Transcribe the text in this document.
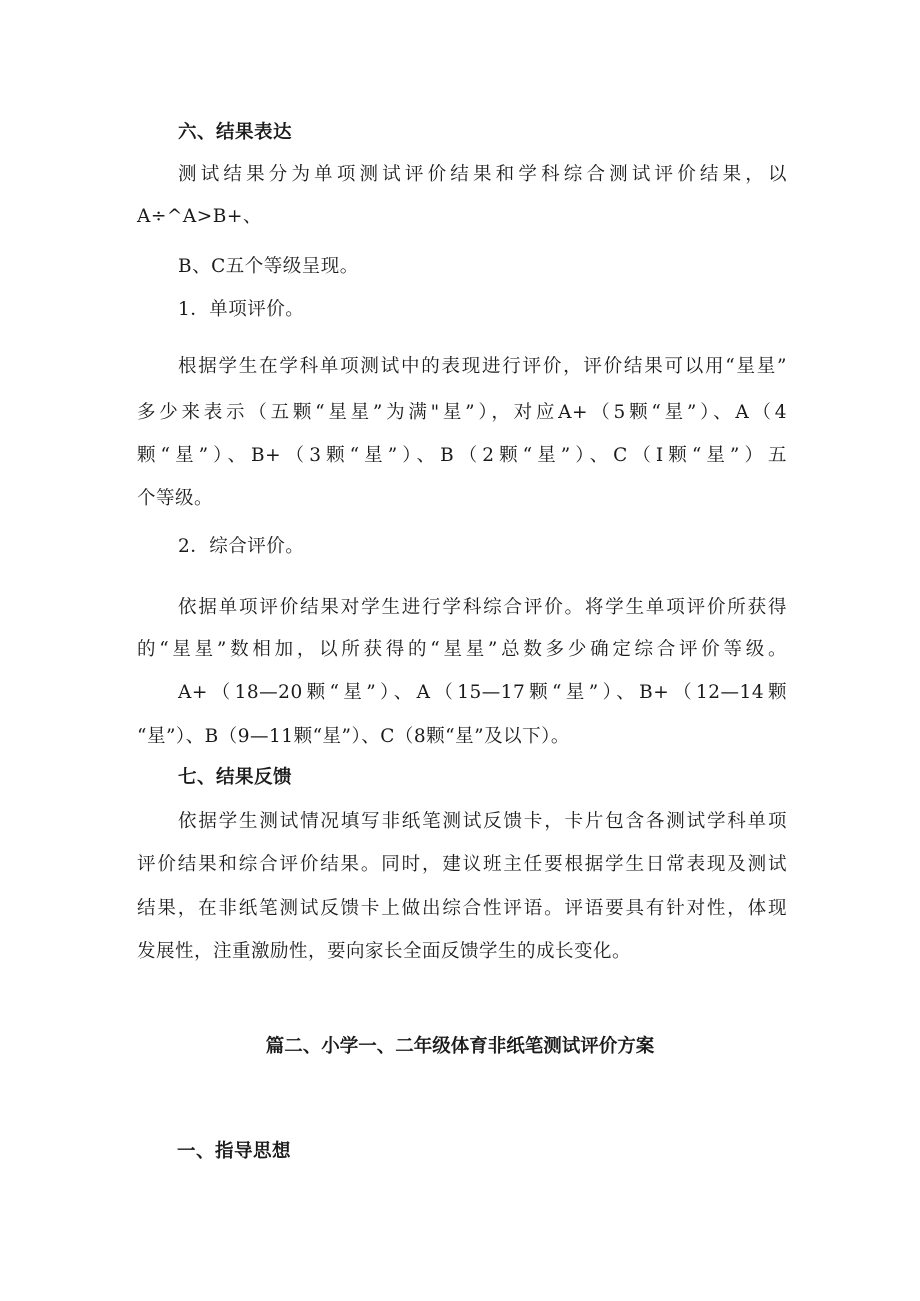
六、结果表达
测试结果分为单项测试评价结果和学科综合测试评价结果，以
A÷^A>B+、
B、C五个等级呈现。
1．单项评价。
根据学生在学科单项测试中的表现进行评价，评价结果可以用“星星”
多少来表示（五颗“星星”为满"星”），对应A+（5颗“星”）、A（4
颗“星”）、B+（3颗“星”）、B（2颗“星”）、C（I颗“星”）五
个等级。
2．综合评价。
依据单项评价结果对学生进行学科综合评价。将学生单项评价所获得
的“星星”数相加，以所获得的“星星”总数多少确定综合评价等级。
A+（18—20颗“星”）、A（15—17颗“星”）、B+（12—14颗
“星”）、B（9—11颗“星”）、C（8颗“星”及以下）。
七、结果反馈
依据学生测试情况填写非纸笔测试反馈卡，卡片包含各测试学科单项
评价结果和综合评价结果。同时，建议班主任要根据学生日常表现及测试
结果，在非纸笔测试反馈卡上做出综合性评语。评语要具有针对性，体现
发展性，注重激励性，要向家长全面反馈学生的成长变化。
篇二、小学一、二年级体育非纸笔测试评价方案
一、指导思想
